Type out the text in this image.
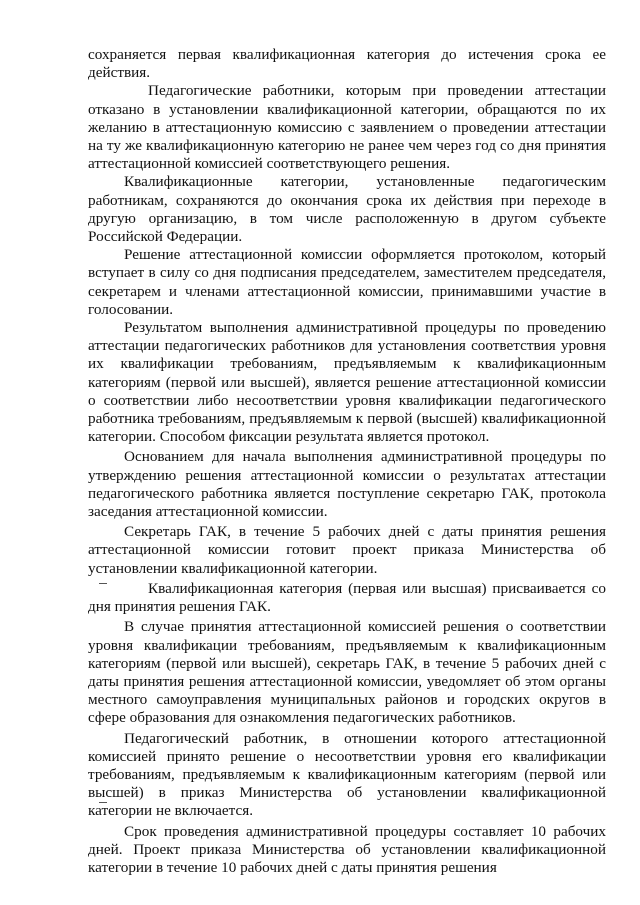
сохраняется первая квалификационная категория до истечения срока ее действия.

Педагогические работники, которым при проведении аттестации отказано в установлении квалификационной категории, обращаются по их желанию в аттестационную комиссию с заявлением о проведении аттестации на ту же квалификационную категорию не ранее чем через год со дня принятия аттестационной комиссией соответствующего решения.

Квалификационные категории, установленные педагогическим работникам, сохраняются до окончания срока их действия при переходе в другую организацию, в том числе расположенную в другом субъекте Российской Федерации.

Решение аттестационной комиссии оформляется протоколом, который вступает в силу со дня подписания председателем, заместителем председателя, секретарем и членами аттестационной комиссии, принимавшими участие в голосовании.

Результатом выполнения административной процедуры по проведению аттестации педагогических работников для установления соответствия уровня их квалификации требованиям, предъявляемым к квалификационным категориям (первой или высшей), является решение аттестационной комиссии о соответствии либо несоответствии уровня квалификации педагогического работника требованиям, предъявляемым к первой (высшей) квалификационной категории. Способом фиксации результата является протокол.

Основанием для начала выполнения административной процедуры по утверждению решения аттестационной комиссии о результатах аттестации педагогического работника является поступление секретарю ГАК, протокола заседания аттестационной комиссии.

Секретарь ГАК, в течение 5 рабочих дней с даты принятия решения аттестационной комиссии готовит проект приказа Министерства об установлении квалификационной категории.

Квалификационная категория (первая или высшая) присваивается со дня принятия решения ГАК.

В случае принятия аттестационной комиссией решения о соответствии уровня квалификации требованиям, предъявляемым к квалификационным категориям (первой или высшей), секретарь ГАК, в течение 5 рабочих дней с даты принятия решения аттестационной комиссии, уведомляет об этом органы местного самоуправления муниципальных районов и городских округов в сфере образования для ознакомления педагогических работников.

Педагогический работник, в отношении которого аттестационной комиссией принято решение о несоответствии уровня его квалификации требованиям, предъявляемым к квалификационным категориям (первой или высшей) в приказ Министерства об установлении квалификационной категории не включается.

Срок проведения административной процедуры составляет 10 рабочих дней. Проект приказа Министерства об установлении квалификационной категории в течение 10 рабочих дней с даты принятия решения
